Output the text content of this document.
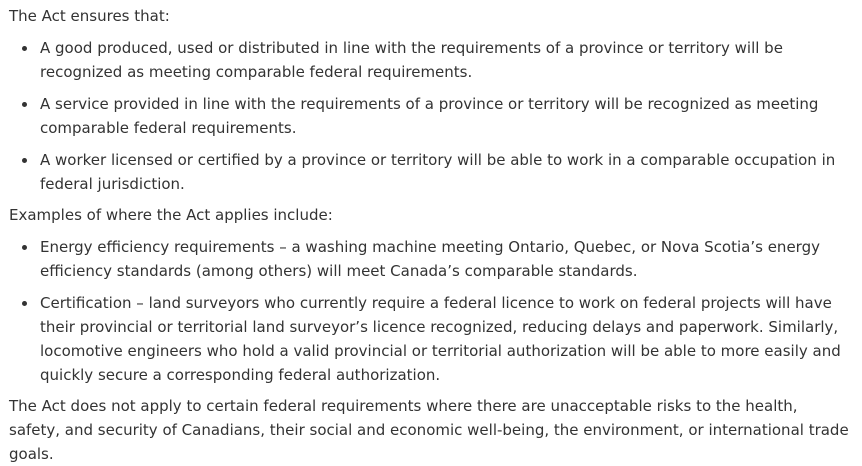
The Act ensures that:

A good produced, used or distributed in line with the requirements of a province or territory will be recognized as meeting comparable federal requirements.
A service provided in line with the requirements of a province or territory will be recognized as meeting comparable federal requirements.
A worker licensed or certified by a province or territory will be able to work in a comparable occupation in federal jurisdiction.

Examples of where the Act applies include:

Energy efficiency requirements – a washing machine meeting Ontario, Quebec, or Nova Scotia’s energy efficiency standards (among others) will meet Canada’s comparable standards.
Certification – land surveyors who currently require a federal licence to work on federal projects will have their provincial or territorial land surveyor’s licence recognized, reducing delays and paperwork. Similarly, locomotive engineers who hold a valid provincial or territorial authorization will be able to more easily and quickly secure a corresponding federal authorization.

The Act does not apply to certain federal requirements where there are unacceptable risks to the health, safety, and security of Canadians, their social and economic well-being, the environment, or international trade goals.
